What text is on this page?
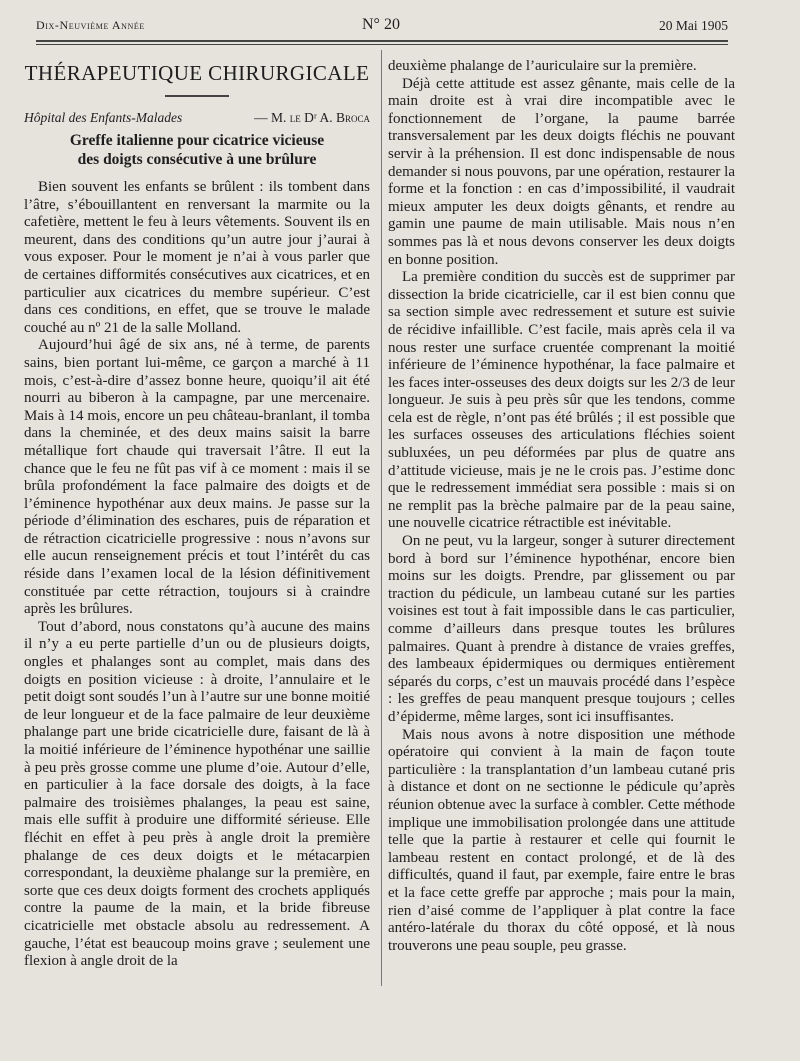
Dix-Neuvième Année	N° 20	20 Mai 1905
THÉRAPEUTIQUE CHIRURGICALE
Hôpital des Enfants-Malades	— M. le Dʳ A. Broca
Greffe italienne pour cicatrice vicieuse
des doigts consécutive à une brûlure

Bien souvent les enfants se brûlent : ils tombent dans l’âtre, s’ébouillantent en renversant la marmite ou la cafetière, mettent le feu à leurs vêtements. Souvent ils en meurent, dans des conditions qu’un autre jour j’aurai à vous exposer. Pour le moment je n’ai à vous parler que de certaines difformités consécutives aux cicatrices, et en particulier aux cicatrices du membre supérieur. C’est dans ces conditions, en effet, que se trouve le malade couché au nº 21 de la salle Molland.

Aujourd’hui âgé de six ans, né à terme, de parents sains, bien portant lui-même, ce garçon a marché à 11 mois, c’est-à-dire d’assez bonne heure, quoiqu’il ait été nourri au biberon à la campagne, par une mercenaire. Mais à 14 mois, encore un peu château-branlant, il tomba dans la cheminée, et des deux mains saisit la barre métallique fort chaude qui traversait l’âtre. Il eut la chance que le feu ne fût pas vif à ce moment : mais il se brûla profondément la face palmaire des doigts et de l’éminence hypothénar aux deux mains. Je passe sur la période d’élimination des eschares, puis de réparation et de rétraction cicatricielle progressive : nous n’avons sur elle aucun renseignement précis et tout l’intérêt du cas réside dans l’examen local de la lésion définitivement constituée par cette rétraction, toujours si à craindre après les brûlures.

Tout d’abord, nous constatons qu’à aucune des mains il n’y a eu perte partielle d’un ou de plusieurs doigts, ongles et phalanges sont au complet, mais dans des doigts en position vicieuse : à droite, l’annulaire et le petit doigt sont soudés l’un à l’autre sur une bonne moitié de leur longueur et de la face palmaire de leur deuxième phalange part une bride cicatricielle dure, faisant de là à la moitié inférieure de l’éminence hypothénar une saillie à peu près grosse comme une plume d’oie. Autour d’elle, en particulier à la face dorsale des doigts, à la face palmaire des troisièmes phalanges, la peau est saine, mais elle suffit à produire une difformité sérieuse. Elle fléchit en effet à peu près à angle droit la première phalange de ces deux doigts et le métacarpien correspondant, la deuxième phalange sur la première, en sorte que ces deux doigts forment des crochets appliqués contre la paume de la main, et la bride fibreuse cicatricielle met obstacle absolu au redressement. A gauche, l’état est beaucoup moins grave ; seulement une flexion à angle droit de la

deuxième phalange de l’auriculaire sur la première.

Déjà cette attitude est assez gênante, mais celle de la main droite est à vrai dire incompatible avec le fonctionnement de l’organe, la paume barrée transversalement par les deux doigts fléchis ne pouvant servir à la préhension. Il est donc indispensable de nous demander si nous pouvons, par une opération, restaurer la forme et la fonction : en cas d’impossibilité, il vaudrait mieux amputer les deux doigts gênants, et rendre au gamin une paume de main utilisable. Mais nous n’en sommes pas là et nous devons conserver les deux doigts en bonne position.

La première condition du succès est de supprimer par dissection la bride cicatricielle, car il est bien connu que sa section simple avec redressement et suture est suivie de récidive infaillible. C’est facile, mais après cela il va nous rester une surface cruentée comprenant la moitié inférieure de l’éminence hypothénar, la face palmaire et les faces inter-osseuses des deux doigts sur les 2/3 de leur longueur. Je suis à peu près sûr que les tendons, comme cela est de règle, n’ont pas été brûlés ; il est possible que les surfaces osseuses des articulations fléchies soient subluxées, un peu déformées par plus de quatre ans d’attitude vicieuse, mais je ne le crois pas. J’estime donc que le redressement immédiat sera possible : mais si on ne remplit pas la brèche palmaire par de la peau saine, une nouvelle cicatrice rétractible est inévitable.

On ne peut, vu la largeur, songer à suturer directement bord à bord sur l’éminence hypothénar, encore bien moins sur les doigts. Prendre, par glissement ou par traction du pédicule, un lambeau cutané sur les parties voisines est tout à fait impossible dans le cas particulier, comme d’ailleurs dans presque toutes les brûlures palmaires. Quant à prendre à distance de vraies greffes, des lambeaux épidermiques ou dermiques entièrement séparés du corps, c’est un mauvais procédé dans l’espèce : les greffes de peau manquent presque toujours ; celles d’épiderme, même larges, sont ici insuffisantes.

Mais nous avons à notre disposition une méthode opératoire qui convient à la main de façon toute particulière : la transplantation d’un lambeau cutané pris à distance et dont on ne sectionne le pédicule qu’après réunion obtenue avec la surface à combler. Cette méthode implique une immobilisation prolongée dans une attitude telle que la partie à restaurer et celle qui fournit le lambeau restent en contact prolongé, et de là des difficultés, quand il faut, par exemple, faire entre le bras et la face cette greffe par approche ; mais pour la main, rien d’aisé comme de l’appliquer à plat contre la face antéro-latérale du thorax du côté opposé, et là nous trouverons une peau souple, peu grasse.
